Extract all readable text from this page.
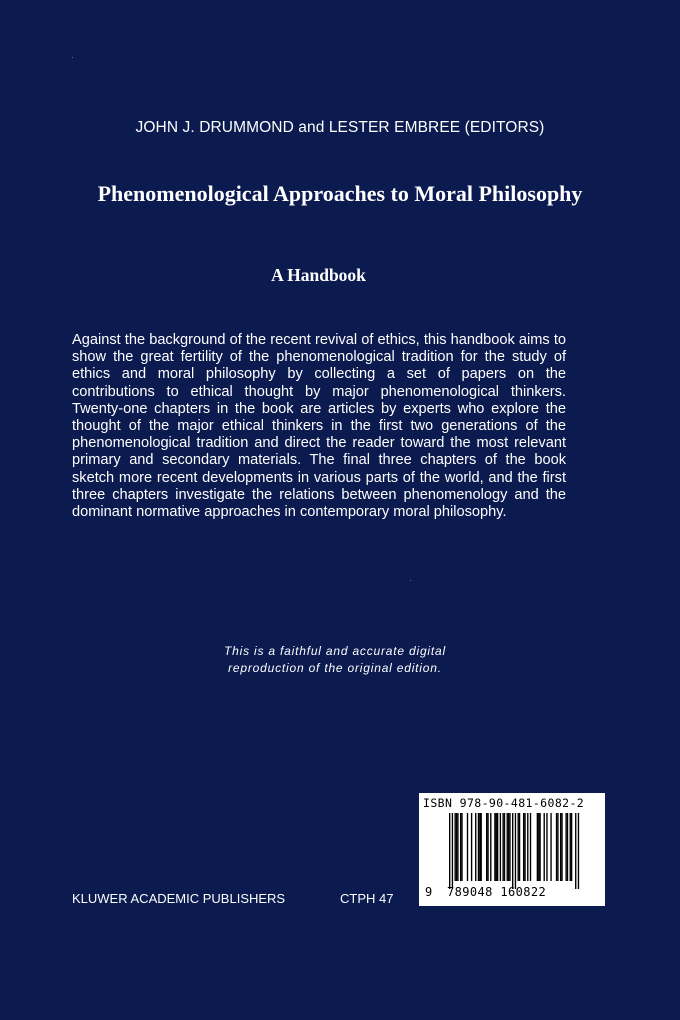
JOHN J. DRUMMOND and LESTER EMBREE (EDITORS)
Phenomenological Approaches to Moral Philosophy
A Handbook
Against the background of the recent revival of ethics, this handbook aims to show the great fertility of the phenomenological tradition for the study of ethics and moral philosophy by collecting a set of papers on the contributions to ethical thought by major phenomenological thinkers. Twenty-one chapters in the book are articles by experts who explore the thought of the major ethical thinkers in the first two generations of the phenomenological tradition and direct the reader toward the most relevant primary and secondary materials. The final three chapters of the book sketch more recent developments in various parts of the world, and the first three chapters investigate the relations between phenomenology and the dominant normative approaches in contemporary moral philosophy.
This is a faithful and accurate digital
reproduction of the original edition.
KLUWER ACADEMIC PUBLISHERS	CTPH 47
ISBN 978-90-481-6082-2
9 789048 160822
